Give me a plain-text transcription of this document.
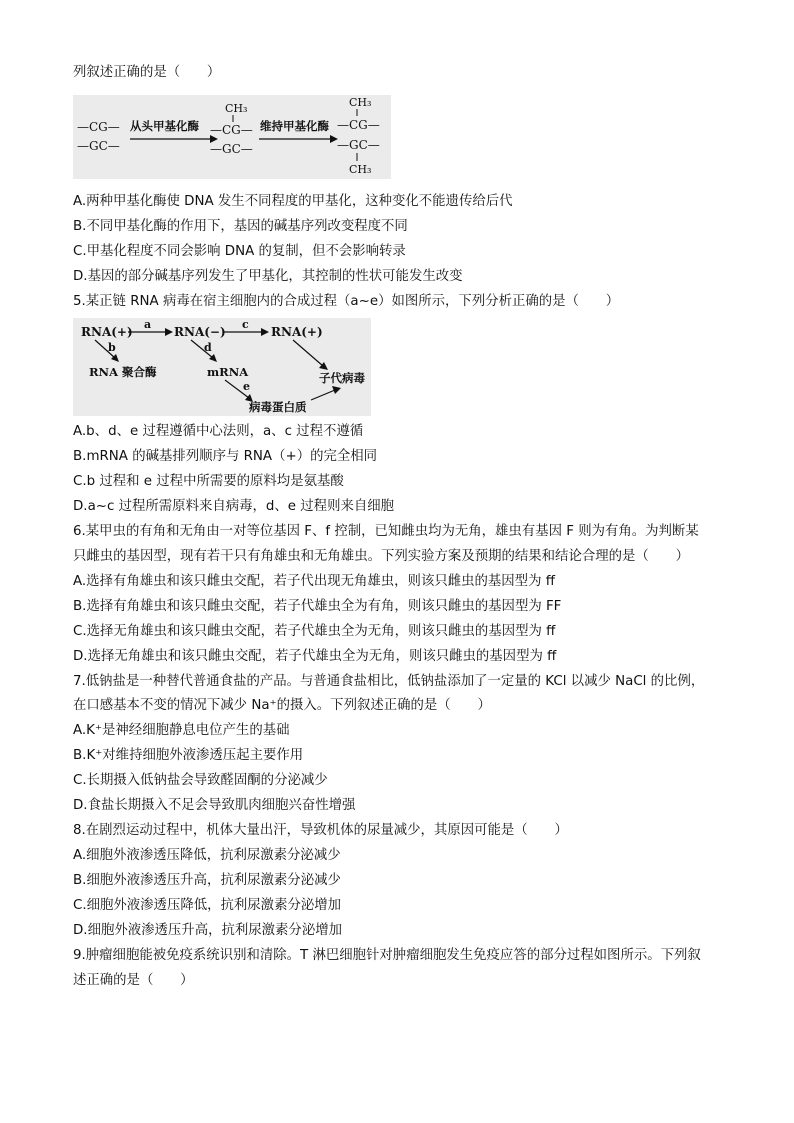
列叙述正确的是（　　）
—CG—
—GC—
从头甲基化酶
CH₃
—CG—
—GC—
维持甲基化酶
CH₃
—CG—
—GC—
CH₃
A.两种甲基化酶使 DNA 发生不同程度的甲基化，这种变化不能遗传给后代
B.不同甲基化酶的作用下，基因的碱基序列改变程度不同
C.甲基化程度不同会影响 DNA 的复制，但不会影响转录
D.基因的部分碱基序列发生了甲基化，其控制的性状可能发生改变
5.某正链 RNA 病毒在宿主细胞内的合成过程（a~e）如图所示，下列分析正确的是（　　）
RNA(+)
a
RNA(−)
c
RNA(+)
b
RNA 聚合酶
d
mRNA	子代病毒
e
病毒蛋白质
A.b、d、e 过程遵循中心法则，a、c 过程不遵循
B.mRNA 的碱基排列顺序与 RNA（+）的完全相同
C.b 过程和 e 过程中所需要的原料均是氨基酸
D.a~c 过程所需原料来自病毒，d、e 过程则来自细胞
6.某甲虫的有角和无角由一对等位基因 F、f 控制，已知雌虫均为无角，雄虫有基因 F 则为有角。为判断某
只雌虫的基因型，现有若干只有角雄虫和无角雄虫。下列实验方案及预期的结果和结论合理的是（　　）
A.选择有角雄虫和该只雌虫交配，若子代出现无角雄虫，则该只雌虫的基因型为 ff
B.选择有角雄虫和该只雌虫交配，若子代雄虫全为有角，则该只雌虫的基因型为 FF
C.选择无角雄虫和该只雌虫交配，若子代雄虫全为无角，则该只雌虫的基因型为 ff
D.选择无角雄虫和该只雌虫交配，若子代雄虫全为无角，则该只雌虫的基因型为 ff
7.低钠盐是一种替代普通食盐的产品。与普通食盐相比，低钠盐添加了一定量的 KCl 以减少 NaCl 的比例，
在口感基本不变的情况下减少 Na⁺的摄入。下列叙述正确的是（　　）
A.K⁺是神经细胞静息电位产生的基础
B.K⁺对维持细胞外液渗透压起主要作用
C.长期摄入低钠盐会导致醛固酮的分泌减少
D.食盐长期摄入不足会导致肌肉细胞兴奋性增强
8.在剧烈运动过程中，机体大量出汗，导致机体的尿量减少，其原因可能是（　　）
A.细胞外液渗透压降低，抗利尿激素分泌减少
B.细胞外液渗透压升高，抗利尿激素分泌减少
C.细胞外液渗透压降低，抗利尿激素分泌增加
D.细胞外液渗透压升高，抗利尿激素分泌增加
9.肿瘤细胞能被免疫系统识别和清除。T 淋巴细胞针对肿瘤细胞发生免疫应答的部分过程如图所示。下列叙
述正确的是（　　）
